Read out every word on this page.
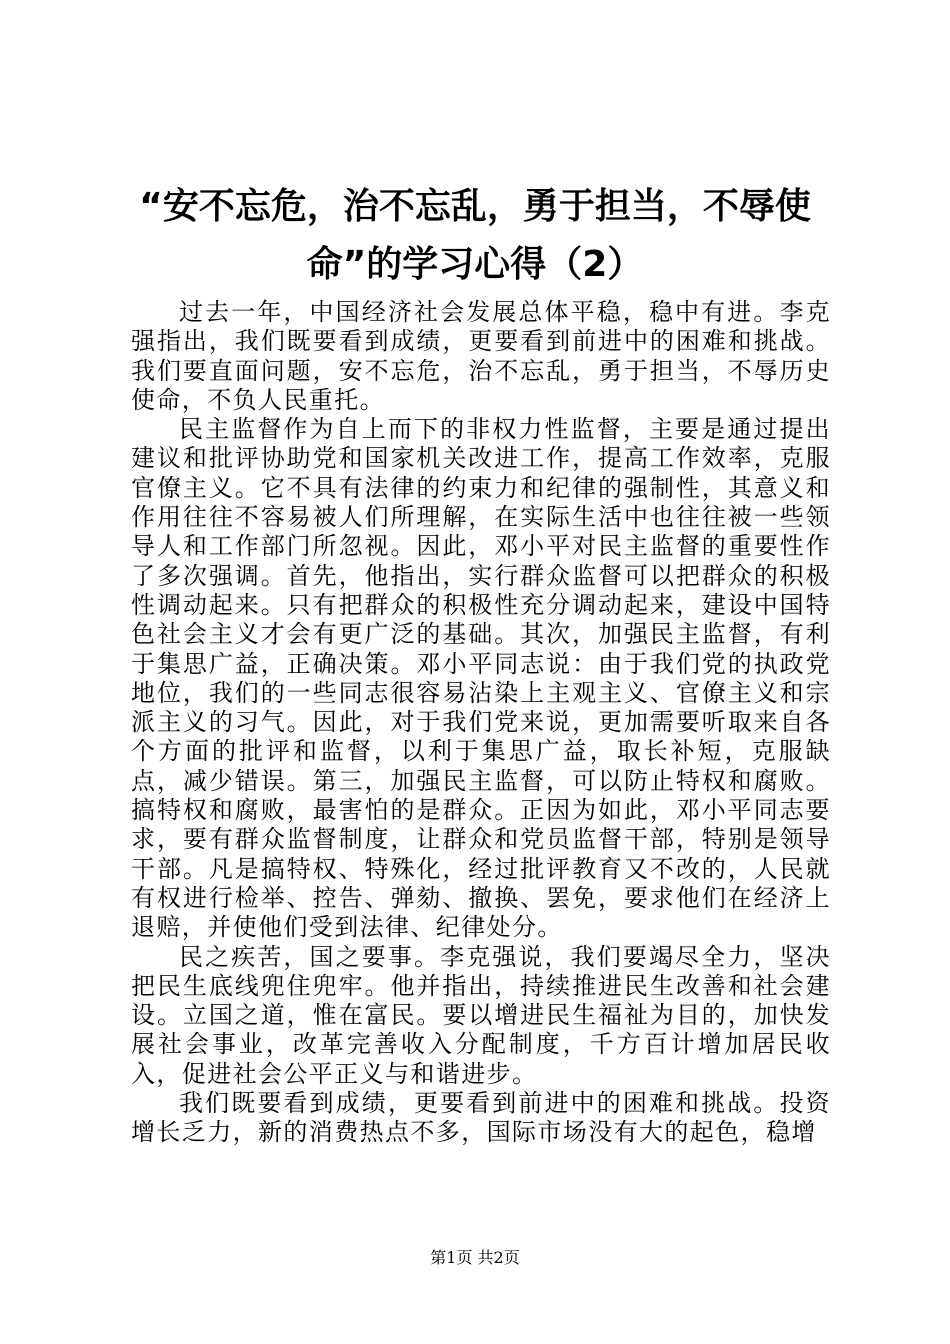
“安不忘危，治不忘乱，勇于担当，不辱使
命”的学习心得（2）

过去一年，中国经济社会发展总体平稳，稳中有进。李克强指出，我们既要看到成绩，更要看到前进中的困难和挑战。我们要直面问题，安不忘危，治不忘乱，勇于担当，不辱历史使命，不负人民重托。

民主监督作为自上而下的非权力性监督，主要是通过提出建议和批评协助党和国家机关改进工作，提高工作效率，克服官僚主义。它不具有法律的约束力和纪律的强制性，其意义和作用往往不容易被人们所理解，在实际生活中也往往被一些领导人和工作部门所忽视。因此，邓小平对民主监督的重要性作了多次强调。首先，他指出，实行群众监督可以把群众的积极性调动起来。只有把群众的积极性充分调动起来，建设中国特色社会主义才会有更广泛的基础。其次，加强民主监督，有利于集思广益，正确决策。邓小平同志说：由于我们党的执政党地位，我们的一些同志很容易沾染上主观主义、官僚主义和宗派主义的习气。因此，对于我们党来说，更加需要听取来自各个方面的批评和监督，以利于集思广益，取长补短，克服缺点，减少错误。第三，加强民主监督，可以防止特权和腐败。搞特权和腐败，最害怕的是群众。正因为如此，邓小平同志要求，要有群众监督制度，让群众和党员监督干部，特别是领导干部。凡是搞特权、特殊化，经过批评教育又不改的，人民就有权进行检举、控告、弹劾、撤换、罢免，要求他们在经济上退赔，并使他们受到法律、纪律处分。

民之疾苦，国之要事。李克强说，我们要竭尽全力，坚决把民生底线兜住兜牢。他并指出，持续推进民生改善和社会建设。立国之道，惟在富民。要以增进民生福祉为目的，加快发展社会事业，改革完善收入分配制度，千方百计增加居民收入，促进社会公平正义与和谐进步。

我们既要看到成绩，更要看到前进中的困难和挑战。投资增长乏力，新的消费热点不多，国际市场没有大的起色，稳增

第1页 共2页
